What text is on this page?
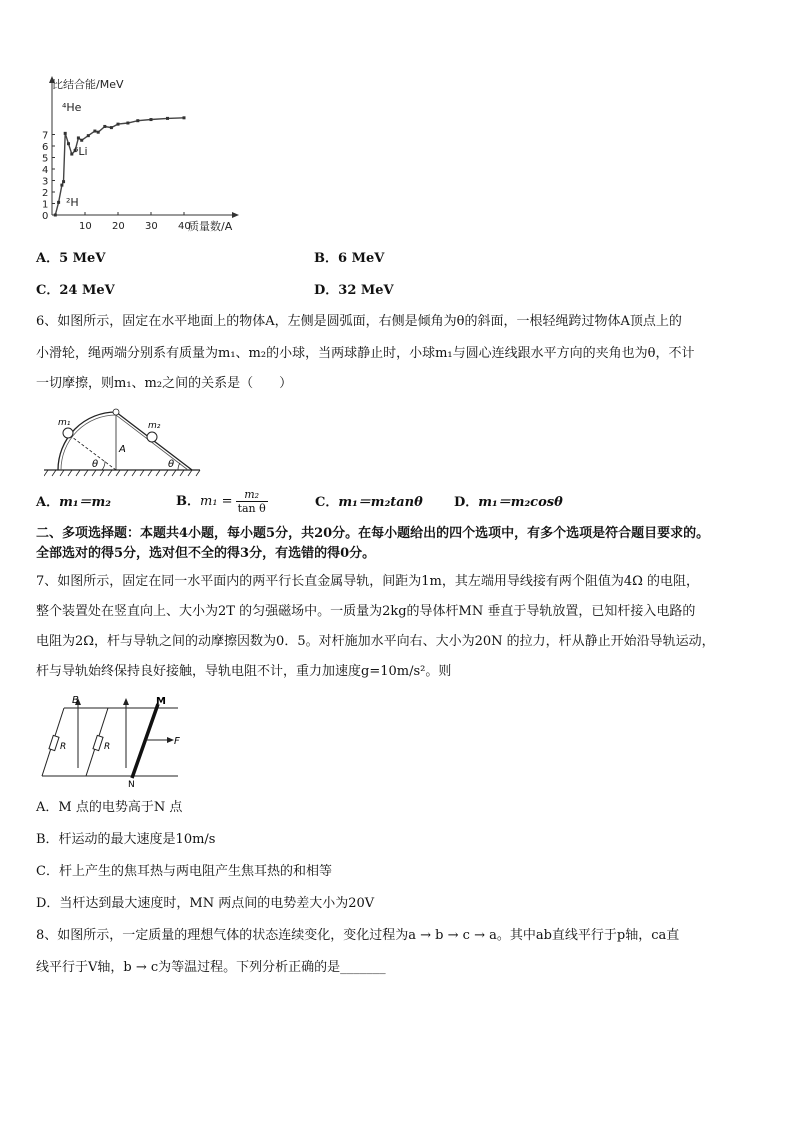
0
1
2
3
4
5
6
7
10 20 30 40
比结合能/MeV
质量数/A
⁴He
⁶Li
²H
A．5 MeV	B．6 MeV
C．24 MeV	D．32 MeV
6、如图所示，固定在水平地面上的物体A，左侧是圆弧面，右侧是倾角为θ的斜面，一根轻绳跨过物体A顶点上的
小滑轮，绳两端分别系有质量为m₁、m₂的小球，当两球静止时，小球m₁与圆心连线跟水平方向的夹角也为θ，不计
一切摩擦，则m₁、m₂之间的关系是（　　）
m₁	m₂
A
θ	θ
A．m₁＝m₂	B．$m_1 = \frac{\text{m₂}}{\text{tan θ}}$	C．m₁＝m₂tanθ D．m₁＝m₂cosθ
二、多项选择题：本题共4小题，每小题5分，共20分。在每小题给出的四个选项中，有多个选项是符合题目要求的。
全部选对的得5分，选对但不全的得3分，有选错的得0分。
7、如图所示，固定在同一水平面内的两平行长直金属导轨，间距为1m，其左端用导线接有两个阻值为4Ω 的电阻，
整个装置处在竖直向上、大小为2T 的匀强磁场中。一质量为2kg的导体杆MN 垂直于导轨放置，已知杆接入电路的
电阻为2Ω，杆与导轨之间的动摩擦因数为0．5。对杆施加水平向右、大小为20N 的拉力，杆从静止开始沿导轨运动，
杆与导轨始终保持良好接触，导轨电阻不计，重力加速度g=10m/s²。则
B	M
N
F
R	R
A．M 点的电势高于N 点
B．杆运动的最大速度是10m/s
C．杆上产生的焦耳热与两电阻产生焦耳热的和相等
D．当杆达到最大速度时，MN 两点间的电势差大小为20V
8、如图所示，一定质量的理想气体的状态连续变化，变化过程为a → b → c → a。其中ab直线平行于p轴，ca直
线平行于V轴，b → c为等温过程。下列分析正确的是_______
